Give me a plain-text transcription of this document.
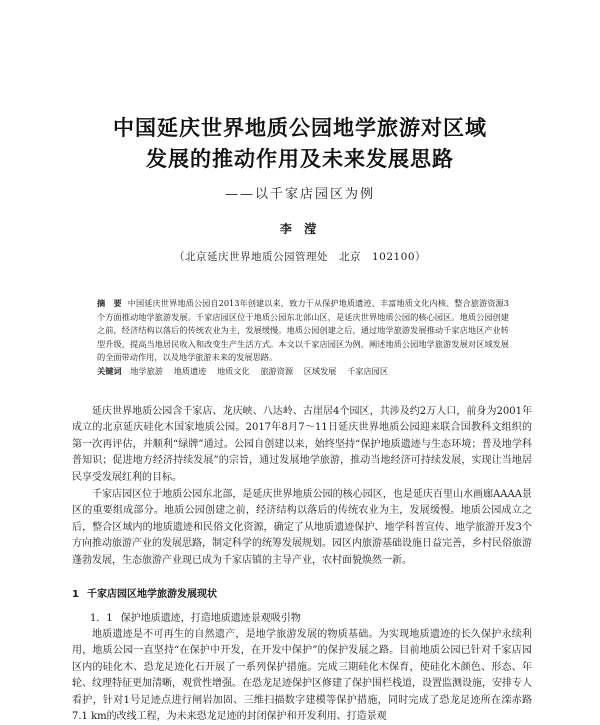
中国延庆世界地质公园地学旅游对区域
发展的推动作用及未来发展思路
——以千家店园区为例
李 滢
（北京延庆世界地质公园管理处　北京　102100）
摘　要 中国延庆世界地质公园自2013年创建以来，致力于从保护地质遗迹、丰富地质文化内核、整合旅游资源3个方面推动地学旅游发展。千家店园区位于地质公园东北部山区，是延庆世界地质公园的核心园区。地质公园创建之前，经济结构以落后的传统农业为主，发展缓慢。地质公园创建之后，通过地学旅游发展推动千家店地区产业转型升级，提高当地居民收入和改变生产生活方式。本文以千家店园区为例，阐述地质公园地学旅游发展对区域发展的全面带动作用，以及地学旅游未来的发展思路。
关键词 地学旅游 地质遗迹 地质文化 旅游资源 区域发展 千家店园区
延庆世界地质公园含千家店、龙庆峡、八达岭、古崖居4个园区，共涉及约2万人口，前身为2001年成立的北京延庆硅化木国家地质公园。2017年8月7～11日延庆世界地质公园迎来联合国教科文组织的第一次再评估，并顺利“绿牌”通过。公园自创建以来，始终坚持“保护地质遗迹与生态环境；普及地学科普知识；促进地方经济持续发展”的宗旨，通过发展地学旅游，推动当地经济可持续发展，实现让当地居民享受发展红利的目标。
千家店园区位于地质公园东北部，是延庆世界地质公园的核心园区，也是延庆百里山水画廊AAAA景区的重要组成部分。地质公园创建之前，经济结构以落后的传统农业为主，发展缓慢。地质公园成立之后，整合区域内的地质遗迹和民俗文化资源，确定了从地质遗迹保护、地学科普宣传、地学旅游开发3个方向推动旅游产业的发展思路，制定科学的统筹发展规划。园区内旅游基础设施日益完善，乡村民俗旅游蓬勃发展，生态旅游产业现已成为千家店镇的主导产业，农村面貌焕然一新。
1 千家店园区地学旅游发展现状
1．1 保护地质遗迹，打造地质遗迹景观吸引物
地质遗迹是不可再生的自然遗产，是地学旅游发展的物质基础。为实现地质遗迹的长久保护永续利用，地质公园一直坚持“在保护中开发，在开发中保护”的保护发展之路。目前地质公园已针对千家店园区内的硅化木、恐龙足迹化石开展了一系列保护措施。完成三期硅化木保育，使硅化木颜色、形态、年轮、纹理特征更加清晰，观赏性增强。在恐龙足迹保护区修建了保护围栏栈道，设置监测设施，安排专人看护，针对1号足迹点进行闸岩加固、三维扫描数字建模等保护措施，同时完成了恐龙足迹所在滦赤路7.1 km的改线工程，为未来恐龙足迹的封闭保护和开发利用、打造景观
